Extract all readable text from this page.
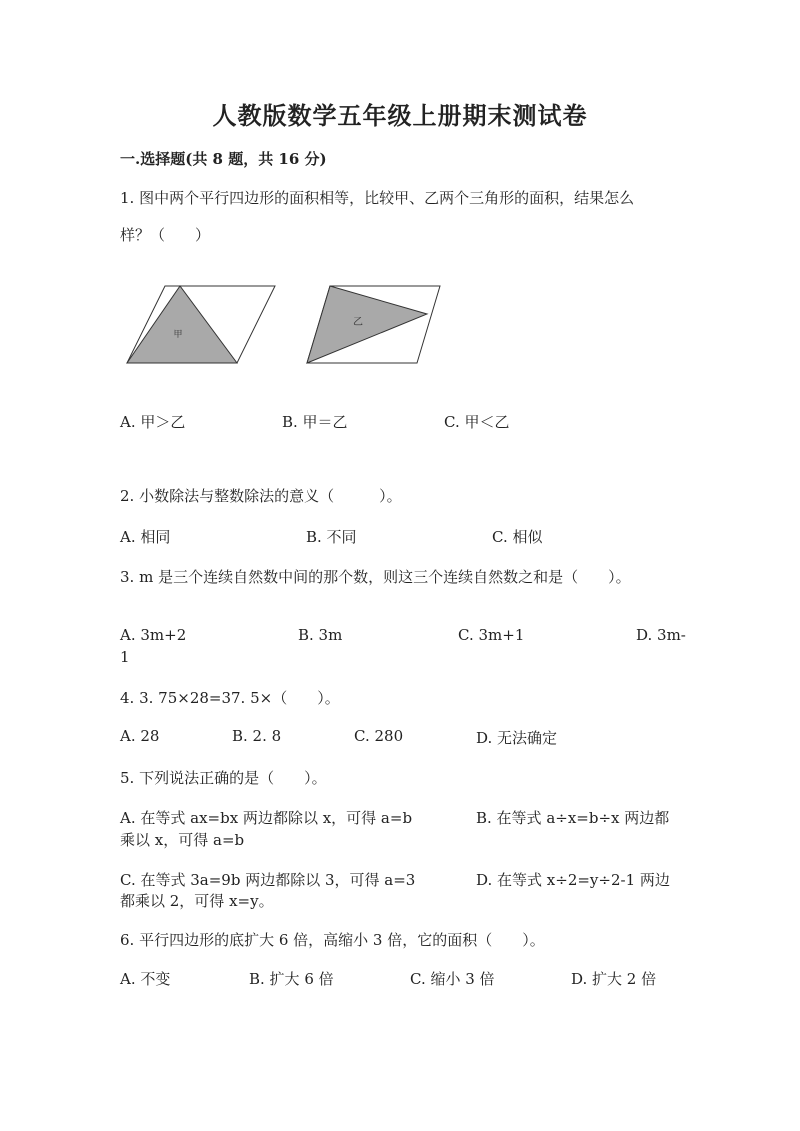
人教版数学五年级上册期末测试卷
一.选择题(共 8 题，共 16 分)
1. 图中两个平行四边形的面积相等，比较甲、乙两个三角形的面积，结果怎么
样？（　　）
甲
乙
A. 甲＞乙	B. 甲＝乙	C. 甲＜乙
2. 小数除法与整数除法的意义（　　　）。
A. 相同	B. 不同	C. 相似
3. m 是三个连续自然数中间的那个数，则这三个连续自然数之和是（　　）。
A. 3m+2	B. 3m	C. 3m+1	D. 3m-
1
4. 3. 75×28=37. 5×（　　）。
A. 28	B. 2. 8	C. 280	D. 无法确定
5. 下列说法正确的是（　　）。
A. 在等式 ax=bx 两边都除以 x，可得 a=b	B. 在等式 a÷x=b÷x 两边都
乘以 x，可得 a=b
C. 在等式 3a=9b 两边都除以 3，可得 a=3	D. 在等式 x÷2=y÷2-1 两边
都乘以 2，可得 x=y。
6. 平行四边形的底扩大 6 倍，高缩小 3 倍，它的面积（　　）。
A. 不变	B. 扩大 6 倍	C. 缩小 3 倍	D. 扩大 2 倍
